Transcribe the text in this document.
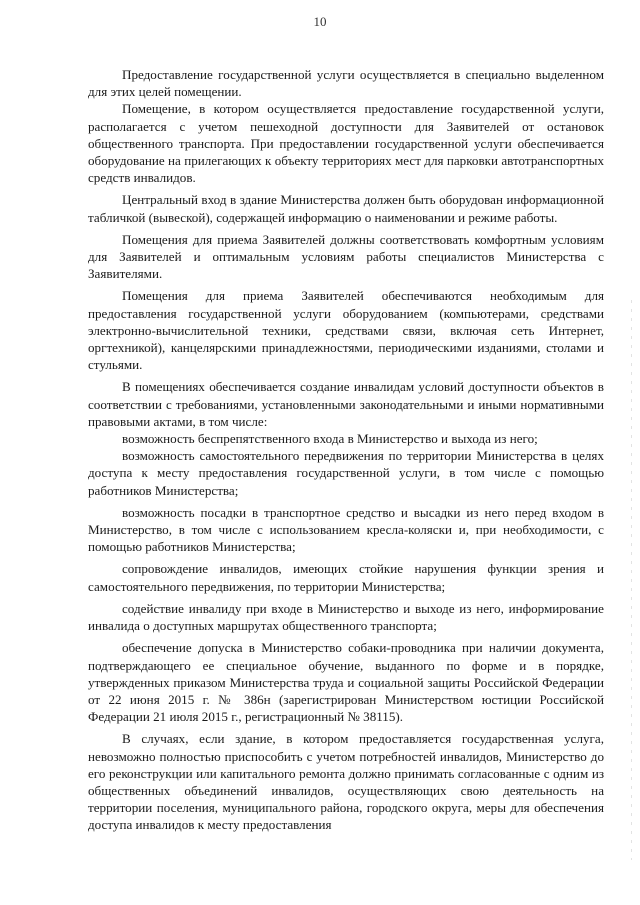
10

Предоставление государственной услуги осуществляется в специально выделенном для этих целей помещении.

Помещение, в котором осуществляется предоставление государственной услуги, располагается с учетом пешеходной доступности для Заявителей от остановок общественного транспорта. При предоставлении государственной услуги обеспечивается оборудование на прилегающих к объекту территориях мест для парковки автотранспортных средств инвалидов.

Центральный вход в здание Министерства должен быть оборудован информационной табличкой (вывеской), содержащей информацию о наименовании и режиме работы.

Помещения для приема Заявителей должны соответствовать комфортным условиям для Заявителей и оптимальным условиям работы специалистов Министерства с Заявителями.

Помещения для приема Заявителей обеспечиваются необходимым для предоставления государственной услуги оборудованием (компьютерами, средствами электронно-вычислительной техники, средствами связи, включая сеть Интернет, оргтехникой), канцелярскими принадлежностями, периодическими изданиями, столами и стульями.

В помещениях обеспечивается создание инвалидам условий доступности объектов в соответствии с требованиями, установленными законодательными и иными нормативными правовыми актами, в том числе:

возможность беспрепятственного входа в Министерство и выхода из него;

возможность самостоятельного передвижения по территории Министерства в целях доступа к месту предоставления государственной услуги, в том числе с помощью работников Министерства;

возможность посадки в транспортное средство и высадки из него перед входом в Министерство, в том числе с использованием кресла-коляски и, при необходимости, с помощью работников Министерства;

сопровождение инвалидов, имеющих стойкие нарушения функции зрения и самостоятельного передвижения, по территории Министерства;

содействие инвалиду при входе в Министерство и выходе из него, информирование инвалида о доступных маршрутах общественного транспорта;

обеспечение допуска в Министерство собаки-проводника при наличии документа, подтверждающего ее специальное обучение, выданного по форме и в порядке, утвержденных приказом Министерства труда и социальной защиты Российской Федерации от 22 июня 2015 г. № 386н (зарегистрирован Министерством юстиции Российской Федерации 21 июля 2015 г., регистрационный № 38115).

В случаях, если здание, в котором предоставляется государственная услуга, невозможно полностью приспособить с учетом потребностей инвалидов, Министерство до его реконструкции или капитального ремонта должно принимать согласованные с одним из общественных объединений инвалидов, осуществляющих свою деятельность на территории поселения, муниципального района, городского округа, меры для обеспечения доступа инвалидов к месту предоставления
